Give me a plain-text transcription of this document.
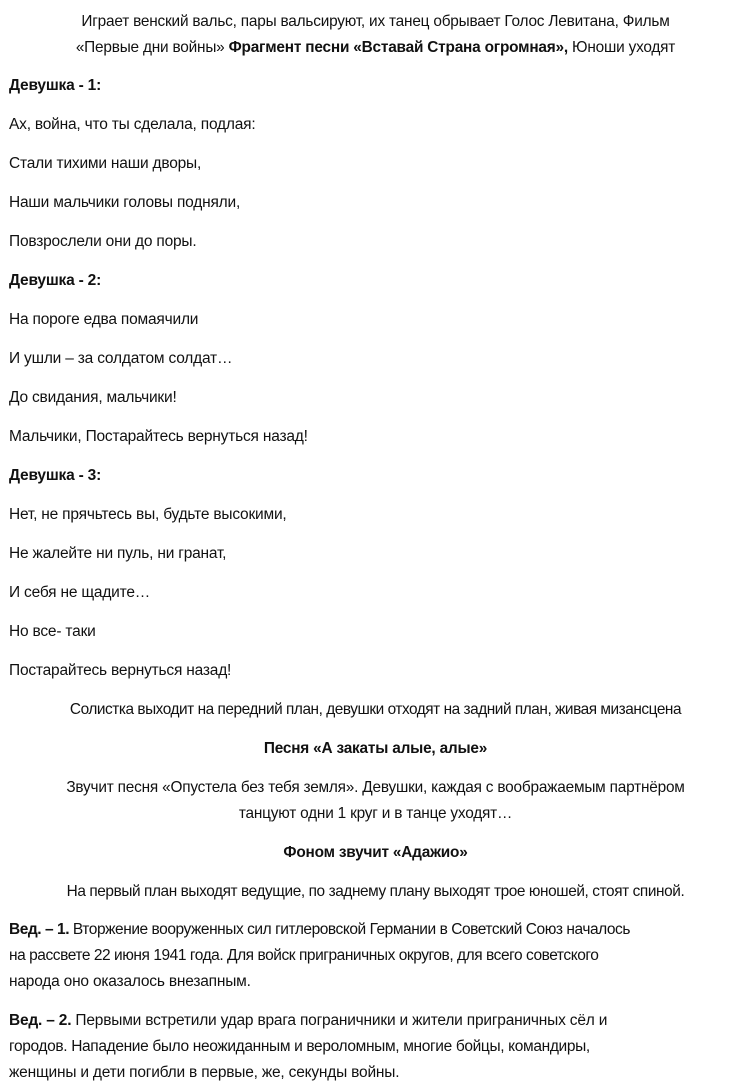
Играет венский вальс, пары вальсируют, их танец обрывает Голос Левитана, Фильм
«Первые дни войны» Фрагмент песни «Вставай Страна огромная», Юноши уходят
Девушка - 1:
Ах, война, что ты сделала, подлая:
Стали тихими наши дворы,
Наши мальчики головы подняли,
Повзрослели они до поры.
Девушка - 2:
На пороге едва помаячили
И ушли – за солдатом солдат…
До свидания, мальчики!
Мальчики, Постарайтесь вернуться назад!
Девушка - 3:
Нет, не прячьтесь вы, будьте высокими,
Не жалейте ни пуль, ни гранат,
И себя не щадите…
Но все- таки
Постарайтесь вернуться назад!
Солистка выходит на передний план, девушки отходят на задний план, живая мизансцена
Песня «А закаты алые, алые»
Звучит песня «Опустела без тебя земля». Девушки, каждая с воображаемым партнёром
танцуют одни 1 круг и в танце уходят…
Фоном звучит «Адажио»
На первый план выходят ведущие, по заднему плану выходят трое юношей, стоят спиной.
Вед. – 1. Вторжение вооруженных сил гитлеровской Германии в Советский Союз началось
на рассвете 22 июня 1941 года. Для войск приграничных округов, для всего советского
народа оно оказалось внезапным.
Вед. – 2. Первыми встретили удар врага пограничники и жители приграничных сёл и
городов. Нападение было неожиданным и вероломным, многие бойцы, командиры,
женщины и дети погибли в первые, же, секунды войны.
